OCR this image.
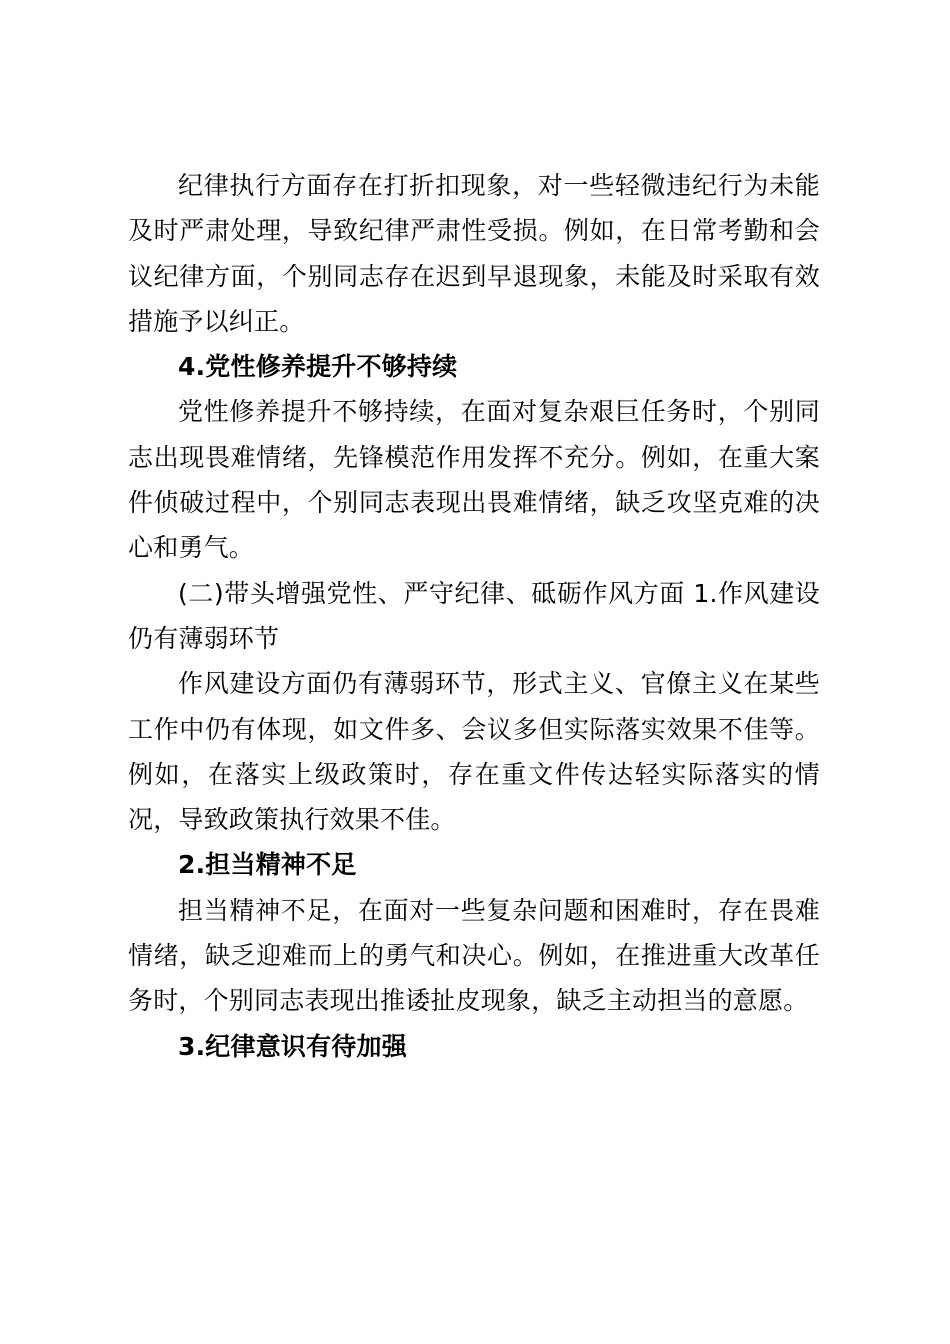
纪律执行方面存在打折扣现象，对一些轻微违纪行为未能及时严肃处理，导致纪律严肃性受损。例如，在日常考勤和会议纪律方面，个别同志存在迟到早退现象，未能及时采取有效措施予以纠正。

4.党性修养提升不够持续

党性修养提升不够持续，在面对复杂艰巨任务时，个别同志出现畏难情绪，先锋模范作用发挥不充分。例如，在重大案件侦破过程中，个别同志表现出畏难情绪，缺乏攻坚克难的决心和勇气。

(二)带头增强党性、严守纪律、砥砺作风方面 1.作风建设仍有薄弱环节

作风建设方面仍有薄弱环节，形式主义、官僚主义在某些工作中仍有体现，如文件多、会议多但实际落实效果不佳等。例如，在落实上级政策时，存在重文件传达轻实际落实的情况，导致政策执行效果不佳。

2.担当精神不足

担当精神不足，在面对一些复杂问题和困难时，存在畏难情绪，缺乏迎难而上的勇气和决心。例如，在推进重大改革任务时，个别同志表现出推诿扯皮现象，缺乏主动担当的意愿。

3.纪律意识有待加强
